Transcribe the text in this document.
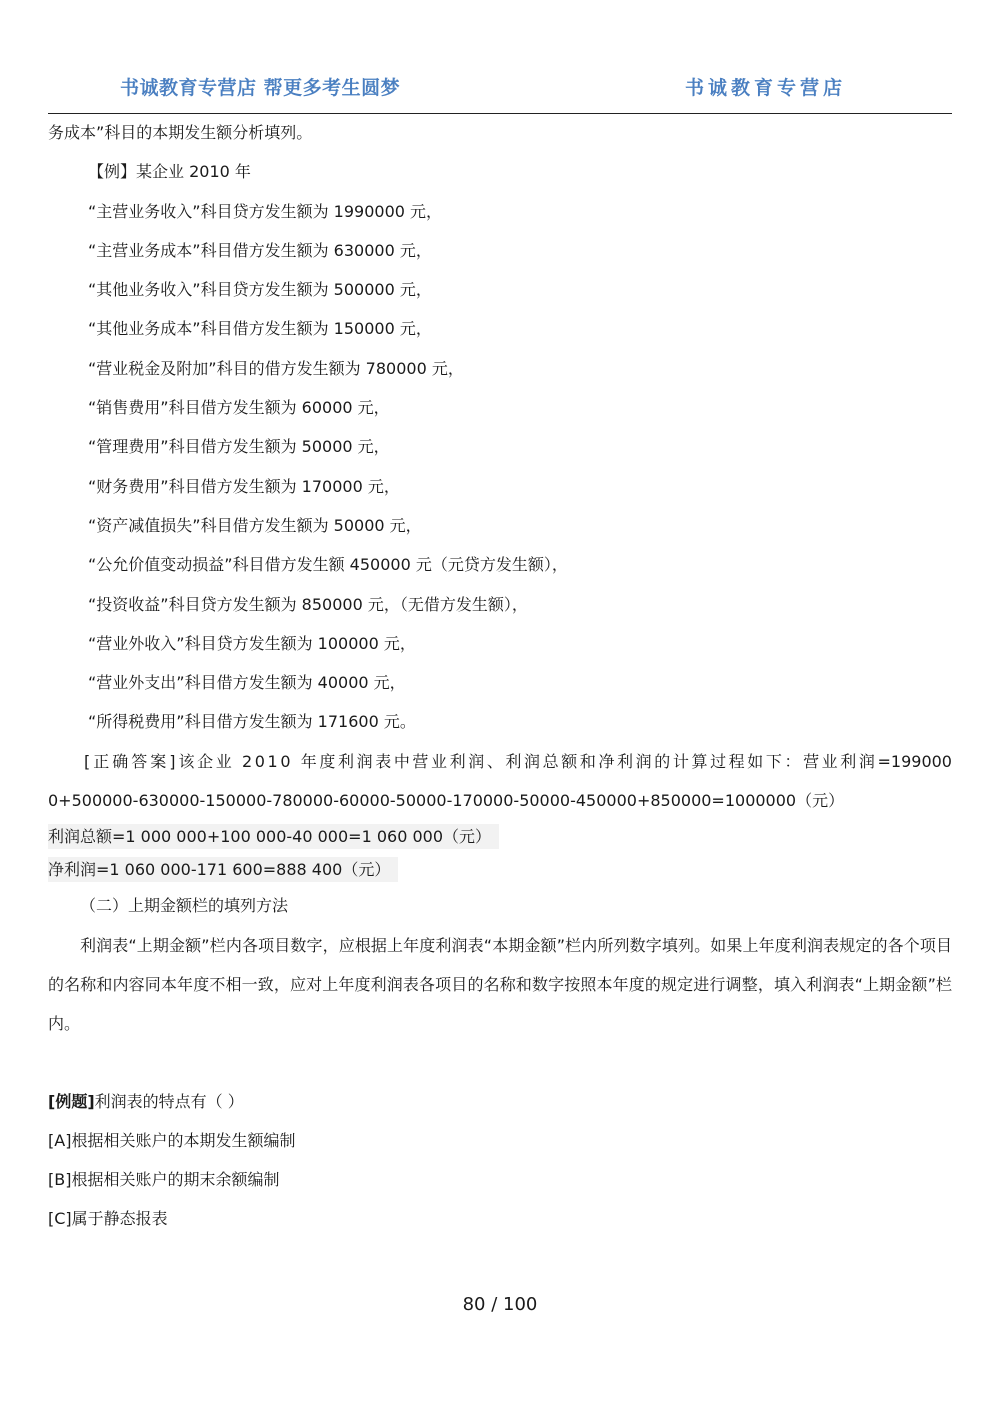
书诚教育专营店 帮更多考生圆梦	书诚教育专营店

务成本”科目的本期发生额分析填列。

【例】某企业 2010 年

“主营业务收入”科目贷方发生额为 1990000 元，

“主营业务成本”科目借方发生额为 630000 元，

“其他业务收入”科目贷方发生额为 500000 元，

“其他业务成本”科目借方发生额为 150000 元，

“营业税金及附加”科目的借方发生额为 780000 元，

“销售费用”科目借方发生额为 60000 元，

“管理费用”科目借方发生额为 50000 元，

“财务费用”科目借方发生额为 170000 元，

“资产减值损失”科目借方发生额为 50000 元，

“公允价值变动损益”科目借方发生额 450000 元（元贷方发生额），

“投资收益”科目贷方发生额为 850000 元，（无借方发生额），

“营业外收入”科目贷方发生额为 100000 元，

“营业外支出”科目借方发生额为 40000 元，

“所得税费用”科目借方发生额为 171600 元。

[正确答案]该企业 2010 年度利润表中营业利润、利润总额和净利润的计算过程如下：营业利润=1990000+500000-630000-150000-780000-60000-50000-170000-50000-450000+850000=1000000（元）

利润总额=1 000 000+100 000-40 000=1 060 000（元）
净利润=1 060 000-171 600=888 400（元）

（二）上期金额栏的填列方法

利润表“上期金额”栏内各项目数字，应根据上年度利润表“本期金额”栏内所列数字填列。如果上年度利润表规定的各个项目的名称和内容同本年度不相一致，应对上年度利润表各项目的名称和数字按照本年度的规定进行调整，填入利润表“上期金额”栏内。

[例题]利润表的特点有（ ）

[A]根据相关账户的本期发生额编制

[B]根据相关账户的期末余额编制

[C]属于静态报表

80 / 100
